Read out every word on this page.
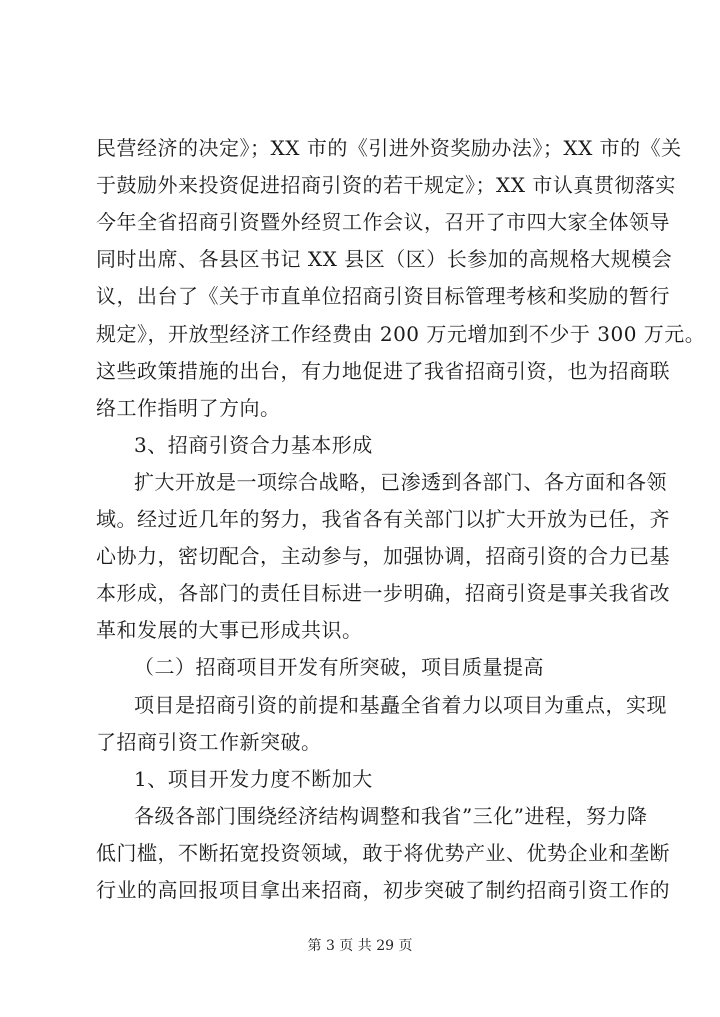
民营经济的决定》；XX 市的《引进外资奖励办法》；XX 市的《关
于鼓励外来投资促进招商引资的若干规定》；XX 市认真贯彻落实
今年全省招商引资暨外经贸工作会议，召开了市四大家全体领导
同时出席、各县区书记 XX 县区（区）长参加的高规格大规模会
议，出台了《关于市直单位招商引资目标管理考核和奖励的暂行
规定》，开放型经济工作经费由 200 万元增加到不少于 300 万元。
这些政策措施的出台，有力地促进了我省招商引资，也为招商联
络工作指明了方向。
3、招商引资合力基本形成
扩大开放是一项综合战略，已渗透到各部门、各方面和各领
域。经过近几年的努力，我省各有关部门以扩大开放为已任，齐
心协力，密切配合，主动参与，加强协调，招商引资的合力已基
本形成，各部门的责任目标进一步明确，招商引资是事关我省改
革和发展的大事已形成共识。
（二）招商项目开发有所突破，项目质量提高
项目是招商引资的前提和基矗全省着力以项目为重点，实现
了招商引资工作新突破。
1、项目开发力度不断加大
各级各部门围绕经济结构调整和我省”三化”进程，努力降
低门槛，不断拓宽投资领域，敢于将优势产业、优势企业和垄断
行业的高回报项目拿出来招商，初步突破了制约招商引资工作的
第 3 页 共 29 页
